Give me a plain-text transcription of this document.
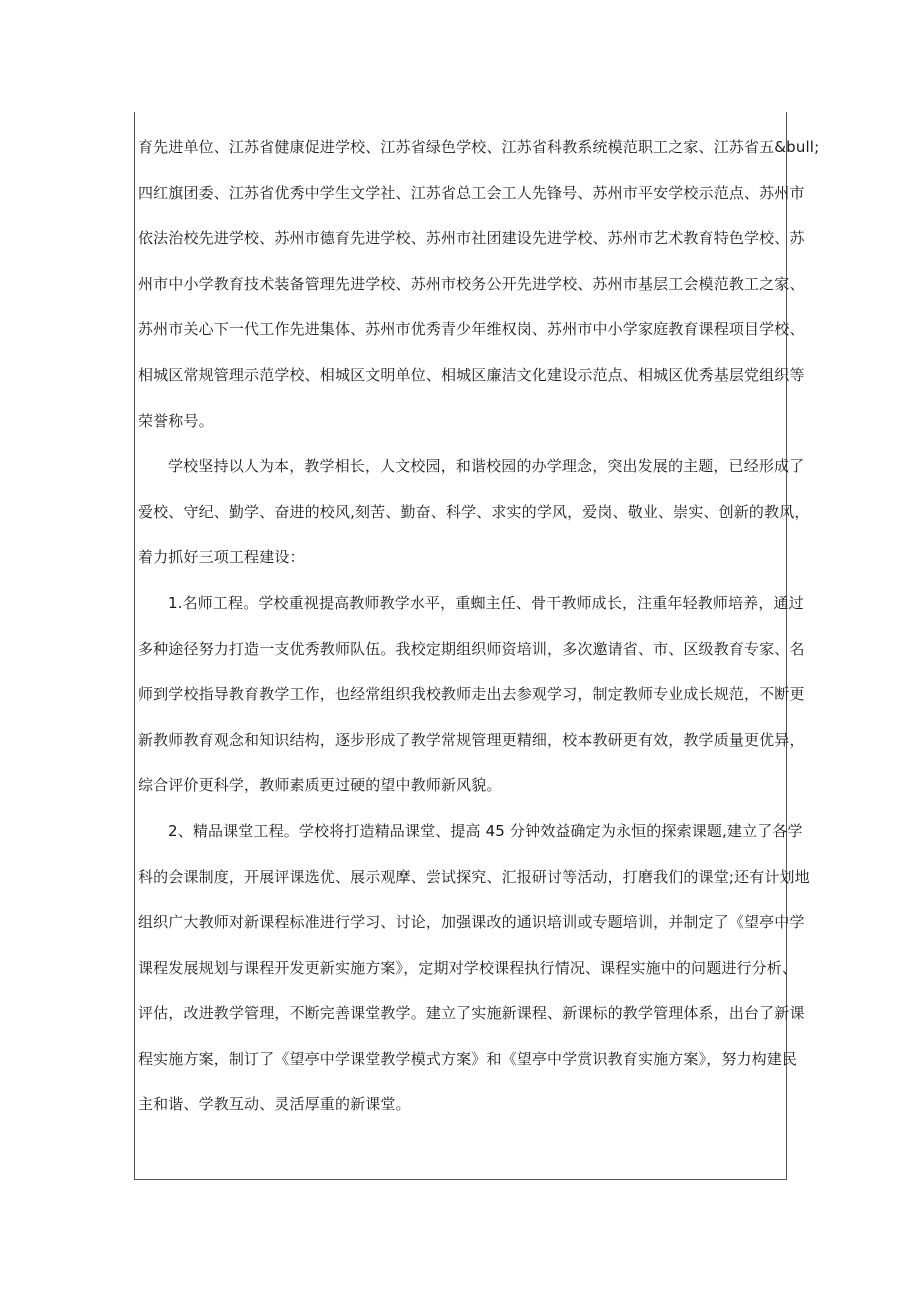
育先进单位、江苏省健康促进学校、江苏省绿色学校、江苏省科教系统模范职工之家、江苏省五&bull;
四红旗团委、江苏省优秀中学生文学社、江苏省总工会工人先锋号、苏州市平安学校示范点、苏州市
依法治校先进学校、苏州市德育先进学校、苏州市社团建设先进学校、苏州市艺术教育特色学校、苏
州市中小学教育技术装备管理先进学校、苏州市校务公开先进学校、苏州市基层工会模范教工之家、
苏州市关心下一代工作先进集体、苏州市优秀青少年维权岗、苏州市中小学家庭教育课程项目学校、
相城区常规管理示范学校、相城区文明单位、相城区廉洁文化建设示范点、相城区优秀基层党组织等
荣誉称号。
学校坚持以人为本，教学相长，人文校园，和谐校园的办学理念，突出发展的主题，已经形成了
爱校、守纪、勤学、奋进的校风,刻苦、勤奋、科学、求实的学风，爱岗、敬业、崇实、创新的教风，
着力抓好三项工程建设：
1.名师工程。学校重视提高教师教学水平，重蜘主任、骨干教师成长，注重年轻教师培养，通过
多种途径努力打造一支优秀教师队伍。我校定期组织师资培训，多次邀请省、市、区级教育专家、名
师到学校指导教育教学工作，也经常组织我校教师走出去参观学习，制定教师专业成长规范，不断更
新教师教育观念和知识结构，逐步形成了教学常规管理更精细，校本教研更有效，教学质量更优异，
综合评价更科学，教师素质更过硬的望中教师新风貌。
2、精品课堂工程。学校将打造精品课堂、提高 45 分钟效益确定为永恒的探索课题,建立了各学
科的会课制度，开展评课选优、展示观摩、尝试探究、汇报研讨等活动，打磨我们的课堂;还有计划地
组织广大教师对新课程标准进行学习、讨论，加强课改的通识培训或专题培训，并制定了《望亭中学
课程发展规划与课程开发更新实施方案》，定期对学校课程执行情况、课程实施中的问题进行分析、
评估，改进教学管理，不断完善课堂教学。建立了实施新课程、新课标的教学管理体系，出台了新课
程实施方案，制订了《望亭中学课堂教学模式方案》和《望亭中学赏识教育实施方案》，努力构建民
主和谐、学教互动、灵活厚重的新课堂。
